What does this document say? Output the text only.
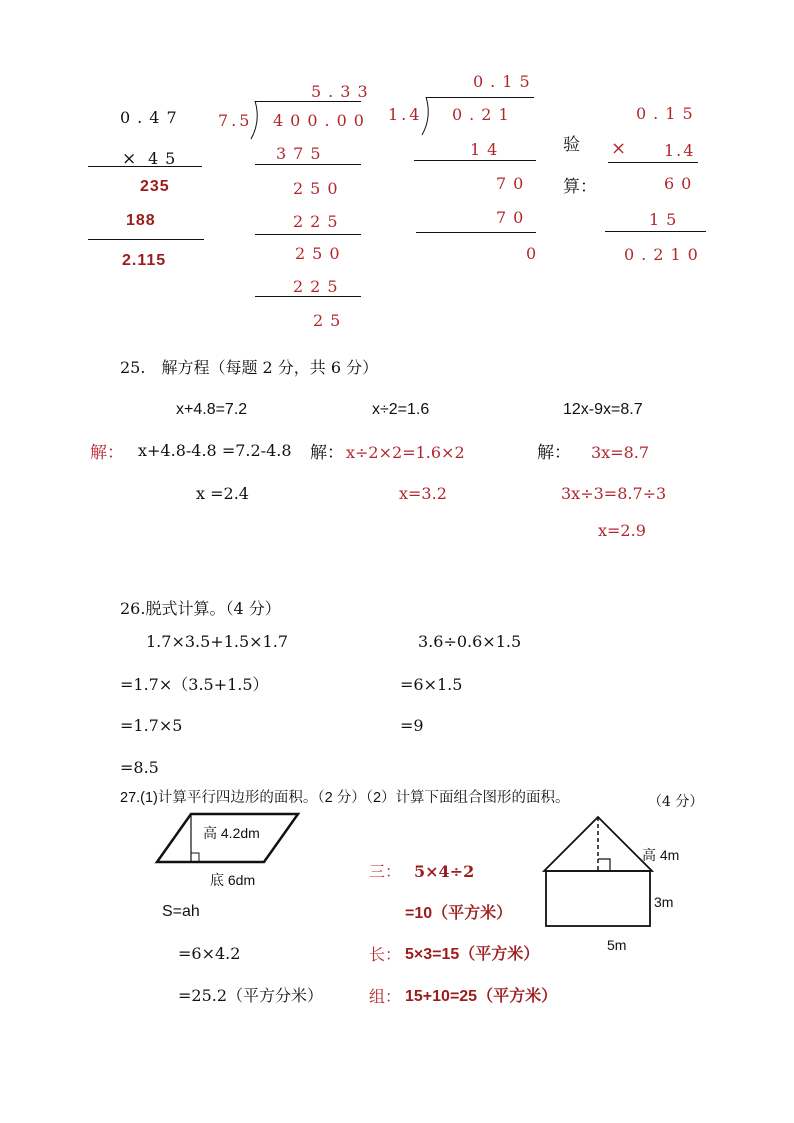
0.47
× 45
235
188
2.115
5.33
7.5 400.00
375
250
225
250
225
25
0.15
1.4 0.21
14
70
70
0
验算：
0.15
× 1.4
60
15
0.210
25.　解方程（每题 2 分，共 6 分）
x+4.8=7.2	x÷2=1.6	12x-9x=8.7
解： x+4.8-4.8 =7.2-4.8
x =2.4
解： x÷2×2=1.6×2
x=3.2
解： 3x=8.7
3x÷3=8.7÷3
x=2.9
26.脱式计算。（4 分）
1.7×3.5+1.5×1.7
=1.7×（3.5+1.5）
=1.7×5
=8.5
3.6÷0.6×1.5
=6×1.5
=9
27.(1)计算平行四边形的面积。（2 分）（2）计算下面组合图形的面积。	（4 分）
高 4.2dm
底 6dm
S=ah
=6×4.2
=25.2（平方分米）
三： 5×4÷2
=10（平方米）
长： 5×3=15（平方米）
组： 15+10=25（平方米）
高 4m
3m
5m
